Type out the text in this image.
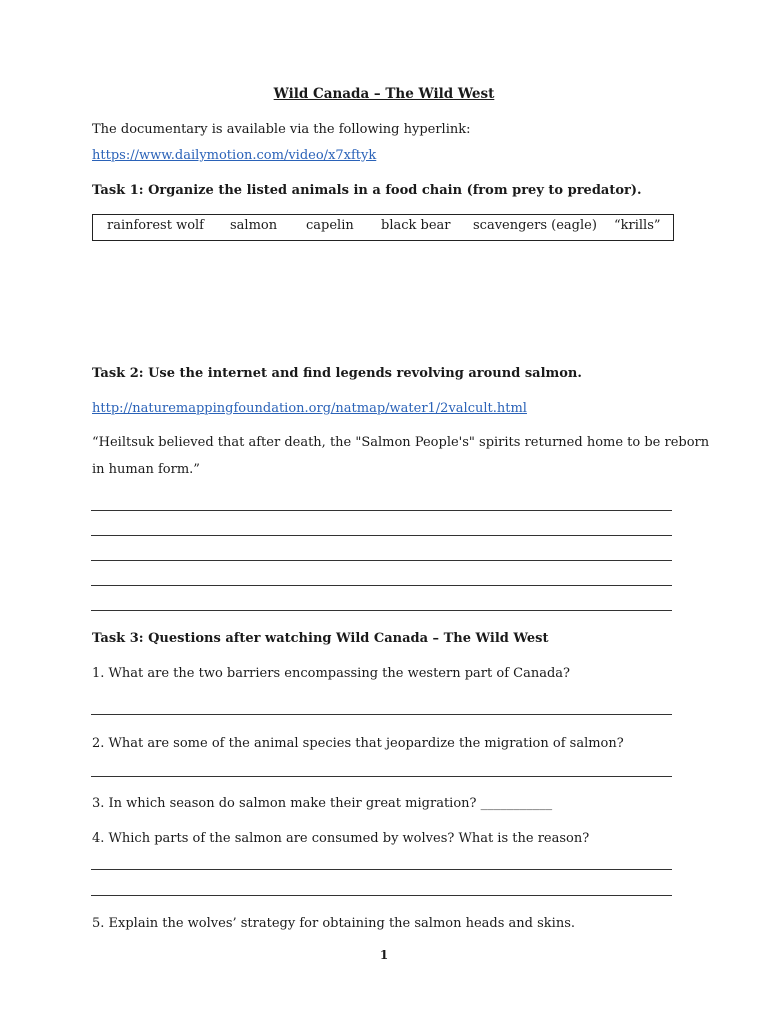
Wild Canada – The Wild West
The documentary is available via the following hyperlink:
https://www.dailymotion.com/video/x7xftyk
Task 1: Organize the listed animals in a food chain (from prey to predator).
rainforest wolf salmon capelin black bear scavengers (eagle) “krills”
Task 2: Use the internet and find legends revolving around salmon.
http://naturemappingfoundation.org/natmap/water1/2valcult.html
“Heiltsuk believed that after death, the "Salmon People's" spirits returned home to be reborn
in human form.”
Task 3: Questions after watching Wild Canada – The Wild West
1. What are the two barriers encompassing the western part of Canada?
2. What are some of the animal species that jeopardize the migration of salmon?
3. In which season do salmon make their great migration? ___________
4. Which parts of the salmon are consumed by wolves? What is the reason?
5. Explain the wolves’ strategy for obtaining the salmon heads and skins.
1
